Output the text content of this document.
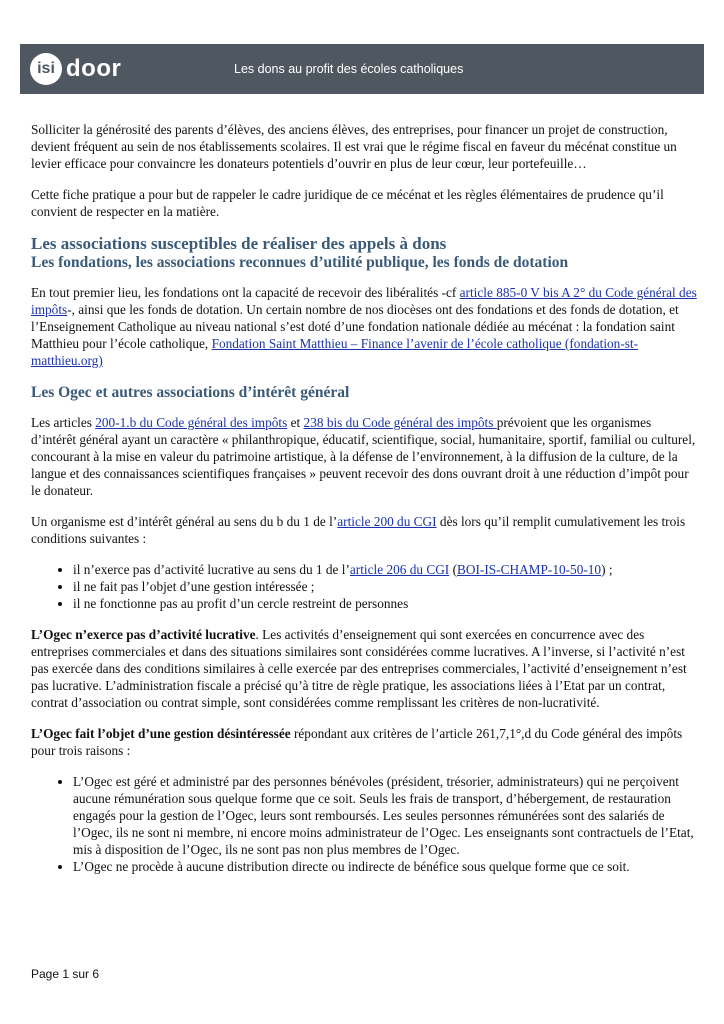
isi door	Les dons au profit des écoles catholiques

Solliciter la générosité des parents d’élèves, des anciens élèves, des entreprises, pour financer un projet de construction, devient fréquent au sein de nos établissements scolaires. Il est vrai que le régime fiscal en faveur du mécénat constitue un levier efficace pour convaincre les donateurs potentiels d’ouvrir en plus de leur cœur, leur portefeuille…

Cette fiche pratique a pour but de rappeler le cadre juridique de ce mécénat et les règles élémentaires de prudence qu’il convient de respecter en la matière.

Les associations susceptibles de réaliser des appels à dons
Les fondations, les associations reconnues d’utilité publique, les fonds de dotation

En tout premier lieu, les fondations ont la capacité de recevoir des libéralités -cf article 885-0 V bis A 2° du Code général des impôts-, ainsi que les fonds de dotation. Un certain nombre de nos diocèses ont des fondations et des fonds de dotation, et l’Enseignement Catholique au niveau national s’est doté d’une fondation nationale dédiée au mécénat : la fondation saint Matthieu pour l’école catholique, Fondation Saint Matthieu – Finance l’avenir de l’école catholique (fondation-st-matthieu.org)

Les Ogec et autres associations d’intérêt général

Les articles 200-1.b du Code général des impôts et 238 bis du Code général des impôts prévoient que les organismes d’intérêt général ayant un caractère « philanthropique, éducatif, scientifique, social, humanitaire, sportif, familial ou culturel, concourant à la mise en valeur du patrimoine artistique, à la défense de l’environnement, à la diffusion de la culture, de la langue et des connaissances scientifiques françaises » peuvent recevoir des dons ouvrant droit à une réduction d’impôt pour le donateur.

Un organisme est d’intérêt général au sens du b du 1 de l’article 200 du CGI dès lors qu’il remplit cumulativement les trois conditions suivantes :

• il n’exerce pas d’activité lucrative au sens du 1 de l’article 206 du CGI (BOI-IS-CHAMP-10-50-10) ;
• il ne fait pas l’objet d’une gestion intéressée ;
• il ne fonctionne pas au profit d’un cercle restreint de personnes

L’Ogec n’exerce pas d’activité lucrative. Les activités d’enseignement qui sont exercées en concurrence avec des entreprises commerciales et dans des situations similaires sont considérées comme lucratives. A l’inverse, si l’activité n’est pas exercée dans des conditions similaires à celle exercée par des entreprises commerciales, l’activité d’enseignement n’est pas lucrative. L’administration fiscale a précisé qu’à titre de règle pratique, les associations liées à l’Etat par un contrat, contrat d’association ou contrat simple, sont considérées comme remplissant les critères de non-lucrativité.

L’Ogec fait l’objet d’une gestion désintéressée répondant aux critères de l’article 261,7,1°,d du Code général des impôts pour trois raisons :

• L’Ogec est géré et administré par des personnes bénévoles (président, trésorier, administrateurs) qui ne perçoivent aucune rémunération sous quelque forme que ce soit. Seuls les frais de transport, d’hébergement, de restauration engagés pour la gestion de l’Ogec, leurs sont remboursés. Les seules personnes rémunérées sont des salariés de l’Ogec, ils ne sont ni membre, ni encore moins administrateur de l’Ogec. Les enseignants sont contractuels de l’Etat, mis à disposition de l’Ogec, ils ne sont pas non plus membres de l’Ogec.
• L’Ogec ne procède à aucune distribution directe ou indirecte de bénéfice sous quelque forme que ce soit.
Page 1 sur 6
